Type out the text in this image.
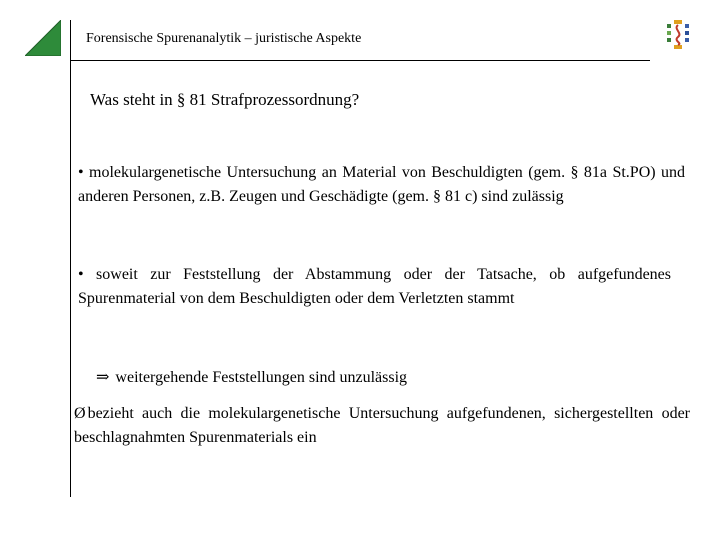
Forensische Spurenanalytik – juristische Aspekte
Was steht in § 81 Strafprozessordnung?
• molekulargenetische Untersuchung an Material von Beschuldigten (gem. § 81a St.PO) und anderen Personen, z.B. Zeugen und Geschädigte (gem. § 81 c) sind zulässig
• soweit zur Feststellung der Abstammung oder der Tatsache, ob aufgefundenes Spurenmaterial von dem Beschuldigten oder dem Verletzten stammt
⇒ weitergehende Feststellungen sind unzulässig
Ø bezieht auch die molekulargenetische Untersuchung aufgefundenen, sichergestellten oder beschlagnahmten Spurenmaterials ein
